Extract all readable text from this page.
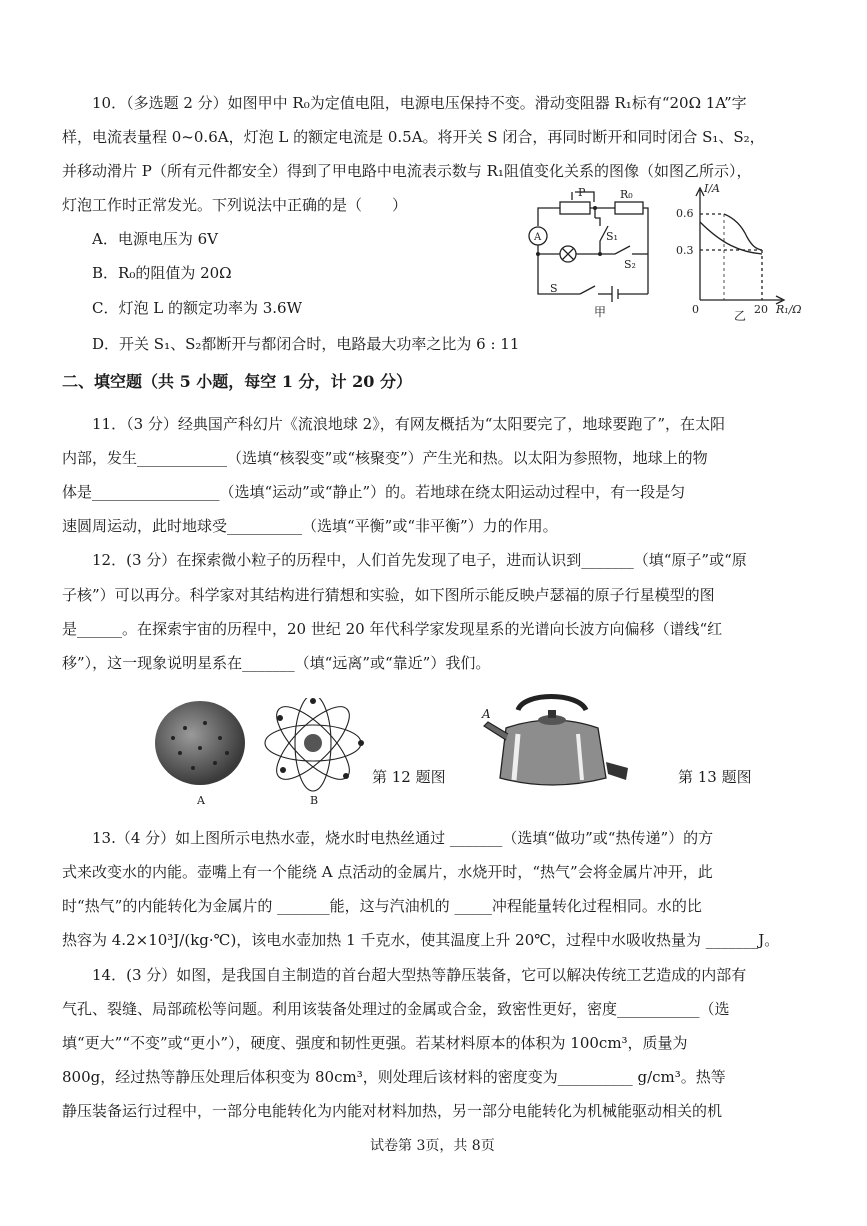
10．（多选题 2 分）如图甲中 R₀为定值电阻，电源电压保持不变。滑动变阻器 R₁标有“20Ω 1A”字
样，电流表量程 0~0.6A，灯泡 L 的额定电流是 0.5A。将开关 S 闭合，再同时断开和同时闭合 S₁、S₂，
并移动滑片 P（所有元件都安全）得到了甲电路中电流表示数与 R₁阻值变化关系的图像（如图乙所示），
灯泡工作时正常发光。下列说法中正确的是（　　）
A．电源电压为 6V
B．R₀的阻值为 20Ω
C．灯泡 L 的额定功率为 3.6W
D．开关 S₁、S₂都断开与都闭合时，电路最大功率之比为 6 : 11
P	R₀
A	S₁
S₂
S
甲
I/A
0.6
0.3
0	20 R₁/Ω
乙
二、填空题（共 5 小题，每空 1 分，计 20 分）
11．（3 分）经典国产科幻片《流浪地球 2》，有网友概括为“太阳要完了，地球要跑了”，在太阳
内部，发生____________（选填“核裂变”或“核聚变”）产生光和热。以太阳为参照物，地球上的物
体是_________________（选填“运动”或“静止”）的。若地球在绕太阳运动过程中，有一段是匀
速圆周运动，此时地球受__________（选填“平衡”或“非平衡”）力的作用。
12．(3 分）在探索微小粒子的历程中，人们首先发现了电子，进而认识到_______（填“原子”或“原
子核”）可以再分。科学家对其结构进行猜想和实验，如下图所示能反映卢瑟福的原子行星模型的图
是______。在探索宇宙的历程中，20 世纪 20 年代科学家发现星系的光谱向长波方向偏移（谱线“红
移”），这一现象说明星系在_______（填“远离”或“靠近”）我们。
A	B
第 12 题图
A
第 13 题图
13.（4 分）如上图所示电热水壶，烧水时电热丝通过 _______（选填“做功”或“热传递”）的方
式来改变水的内能。壶嘴上有一个能绕 A 点活动的金属片，水烧开时，“热气”会将金属片冲开，此
时“热气”的内能转化为金属片的 _______能，这与汽油机的 _____冲程能量转化过程相同。水的比
热容为 4.2×10³J/(kg·℃)，该电水壶加热 1 千克水，使其温度上升 20℃，过程中水吸收热量为 _______J。
14．(3 分）如图，是我国自主制造的首台超大型热等静压装备，它可以解决传统工艺造成的内部有
气孔、裂缝、局部疏松等问题。利用该装备处理过的金属或合金，致密性更好，密度___________（选
填“更大”“不变”或“更小”），硬度、强度和韧性更强。若某材料原本的体积为 100cm³，质量为
800g，经过热等静压处理后体积变为 80cm³，则处理后该材料的密度变为__________ g/cm³。热等
静压装备运行过程中，一部分电能转化为内能对材料加热，另一部分电能转化为机械能驱动相关的机
试卷第 3页，共 8页
